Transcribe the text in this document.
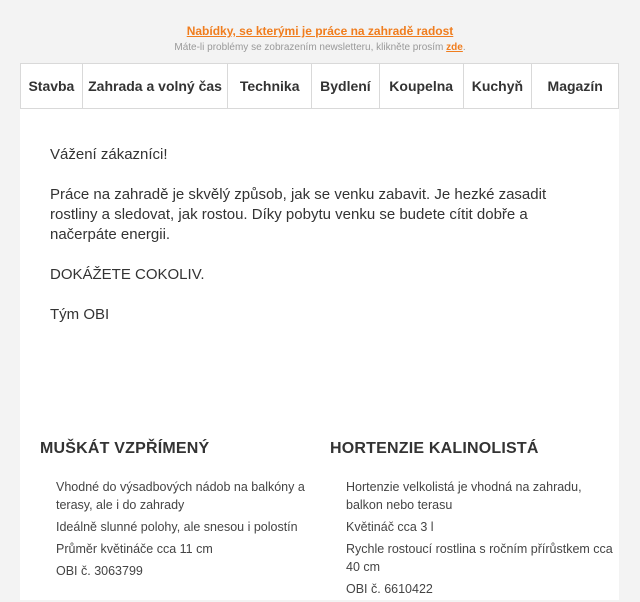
Nabídky, se kterými je práce na zahradě radost
Máte-li problémy se zobrazením newsletteru, klikněte prosím zde.
Stavba Zahrada a volný čas	Technika	Bydlení	Koupelna	Kuchyň	Magazín

Vážení zákazníci!

Práce na zahradě je skvělý způsob, jak se venku zabavit. Je hezké zasadit rostliny a sledovat, jak rostou. Díky pobytu venku se budete cítit dobře a načerpáte energii.

DOKÁŽETE COKOLIV.

Tým OBI

MUŠKÁT VZPŘÍMENÝ
Vhodné do výsadbových nádob na balkóny a terasy, ale i do zahrady
Ideálně slunné polohy, ale snesou i polostín
Průměr květináče cca 11 cm
OBI č. 3063799
HORTENZIE KALINOLISTÁ
Hortenzie velkolistá je vhodná na zahradu, balkon nebo terasu
Květináč cca 3 l
Rychle rostoucí rostlina s ročním přírůstkem cca 40 cm
OBI č. 6610422
